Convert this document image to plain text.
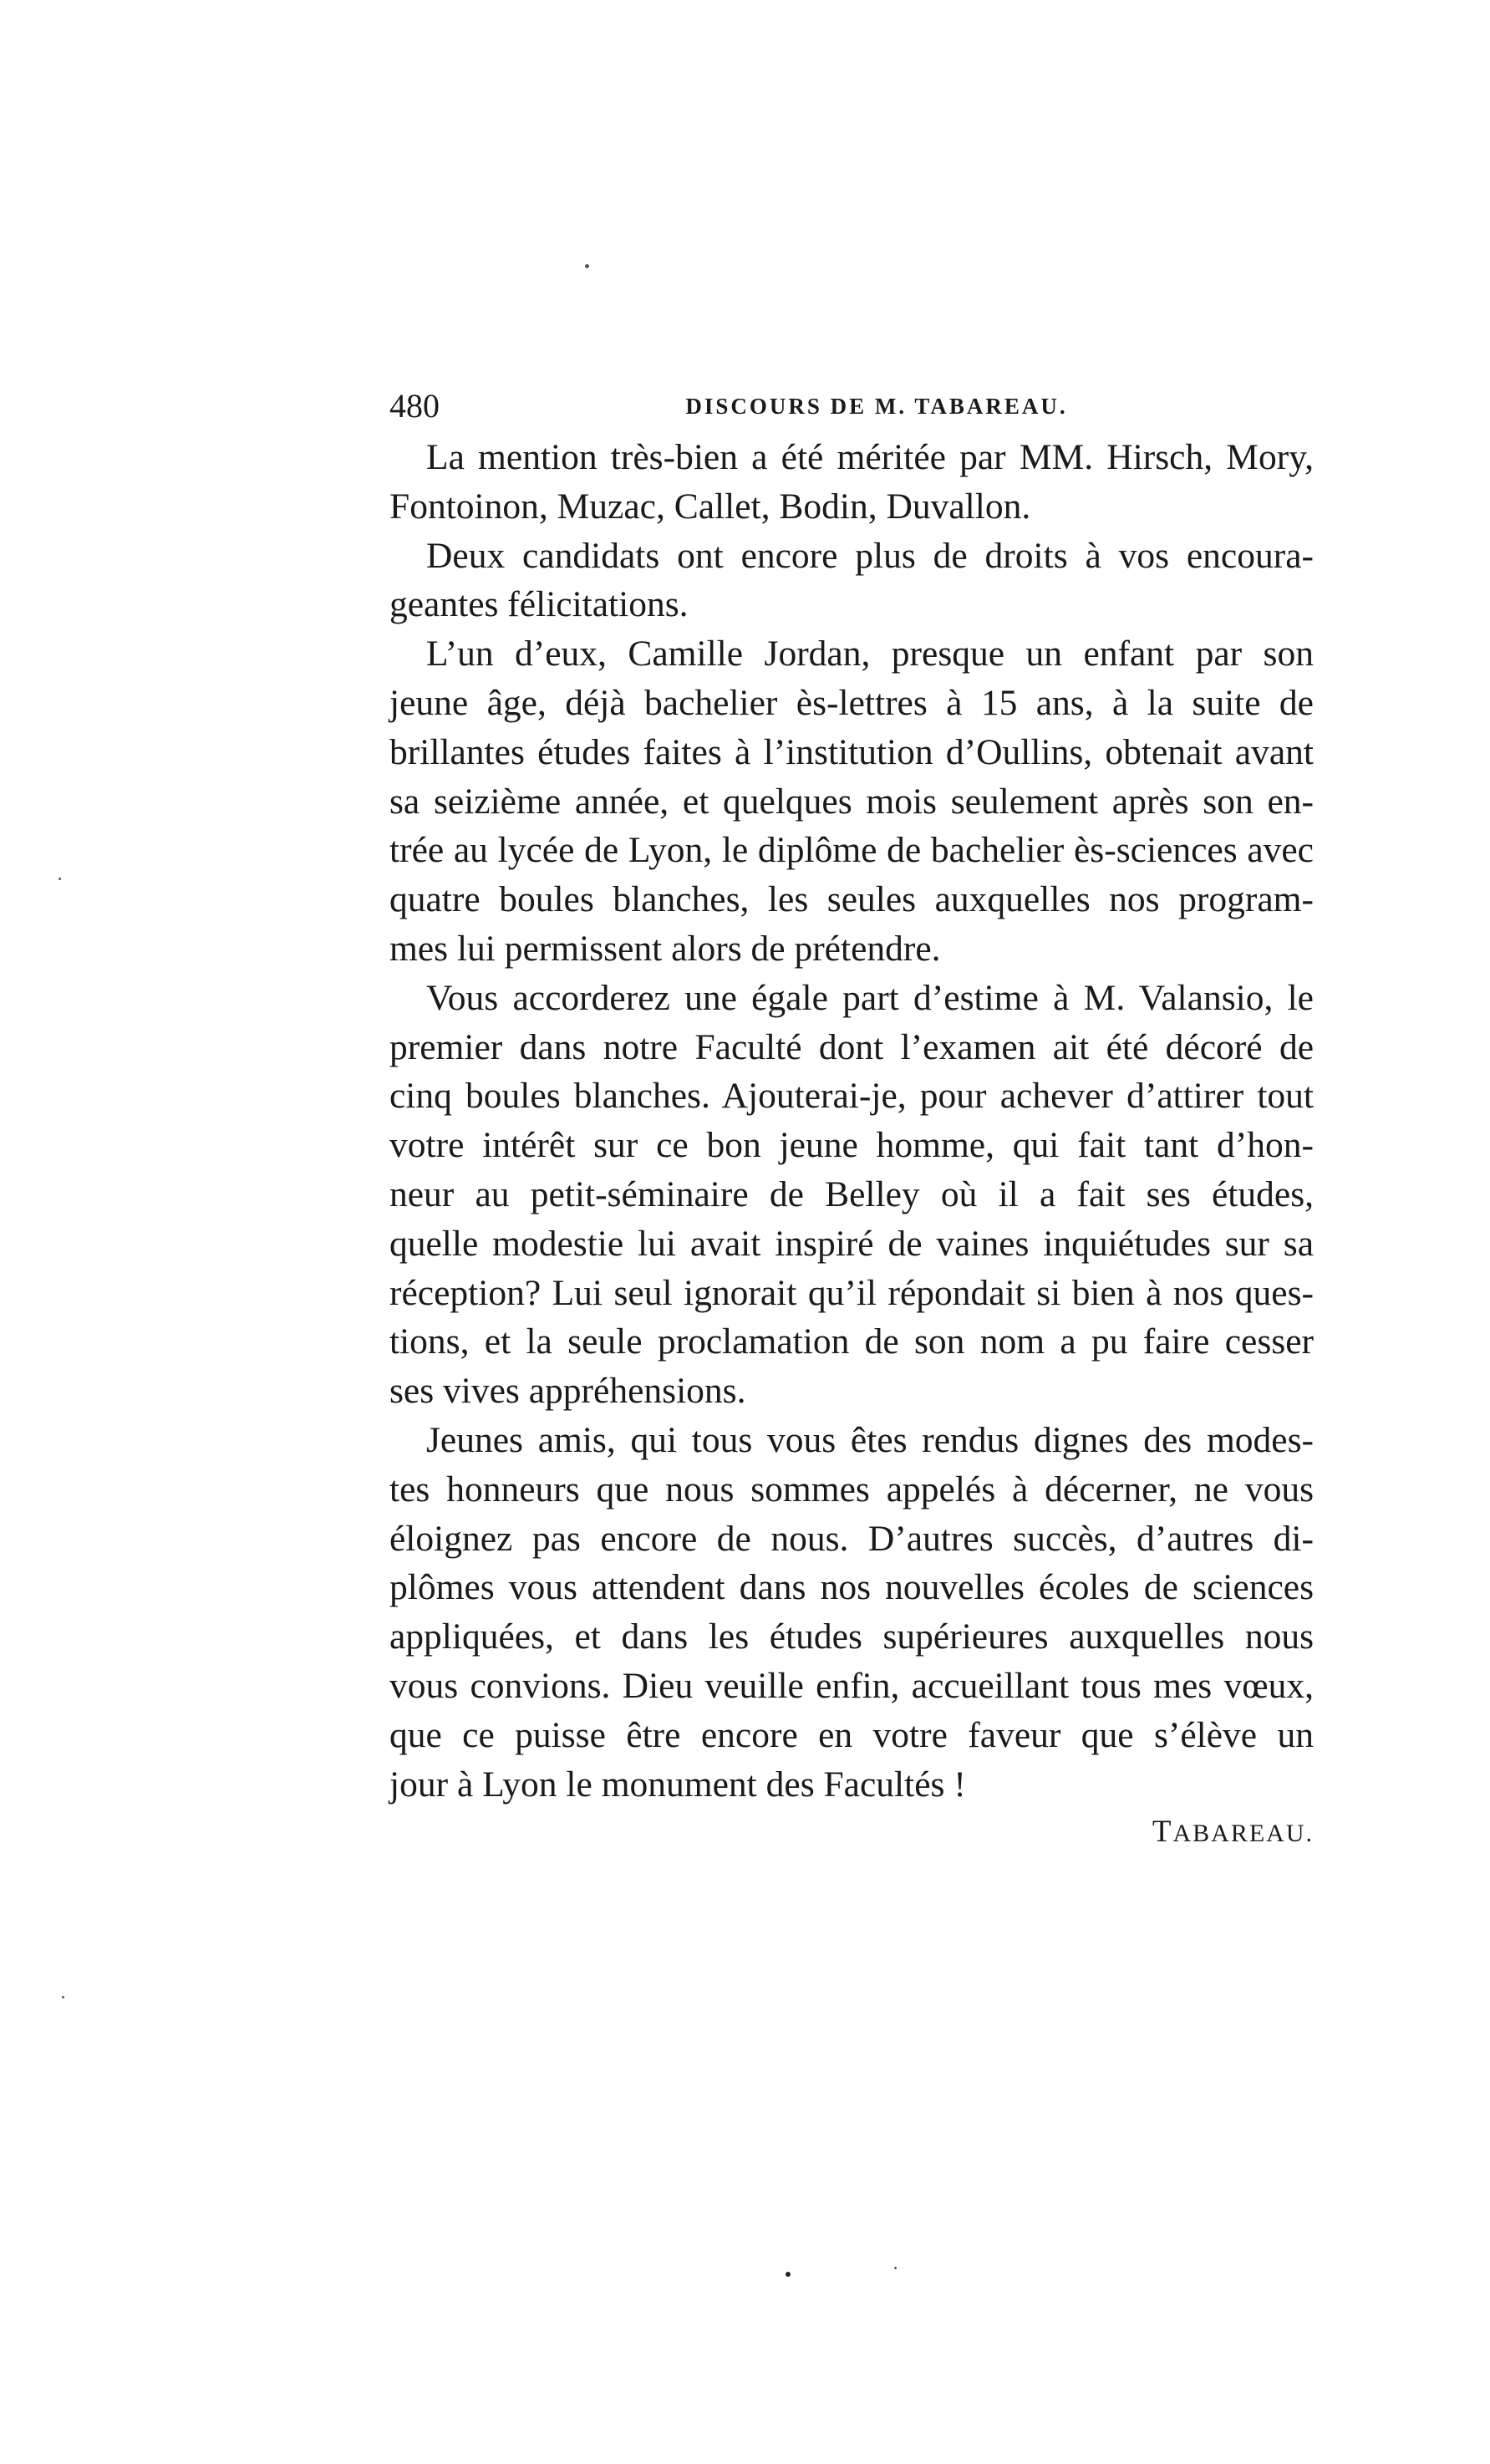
480	DISCOURS DE M. TABAREAU.
La mention très-bien a été méritée par MM. Hirsch, Mory,
Fontoinon, Muzac, Callet, Bodin, Duvallon.
Deux candidats ont encore plus de droits à vos encoura-
geantes félicitations.
L’un d’eux, Camille Jordan, presque un enfant par son
jeune âge, déjà bachelier ès-lettres à 15 ans, à la suite de
brillantes études faites à l’institution d’Oullins, obtenait avant
sa seizième année, et quelques mois seulement après son en-
trée au lycée de Lyon, le diplôme de bachelier ès-sciences avec
quatre boules blanches, les seules auxquelles nos program-
mes lui permissent alors de prétendre.
Vous accorderez une égale part d’estime à M. Valansio, le
premier dans notre Faculté dont l’examen ait été décoré de
cinq boules blanches. Ajouterai-je, pour achever d’attirer tout
votre intérêt sur ce bon jeune homme, qui fait tant d’hon-
neur au petit-séminaire de Belley où il a fait ses études,
quelle modestie lui avait inspiré de vaines inquiétudes sur sa
réception? Lui seul ignorait qu’il répondait si bien à nos ques-
tions, et la seule proclamation de son nom a pu faire cesser
ses vives appréhensions.
Jeunes amis, qui tous vous êtes rendus dignes des modes-
tes honneurs que nous sommes appelés à décerner, ne vous
éloignez pas encore de nous. D’autres succès, d’autres di-
plômes vous attendent dans nos nouvelles écoles de sciences
appliquées, et dans les études supérieures auxquelles nous
vous convions. Dieu veuille enfin, accueillant tous mes vœux,
que ce puisse être encore en votre faveur que s’élève un
jour à Lyon le monument des Facultés !
TABAREAU.
